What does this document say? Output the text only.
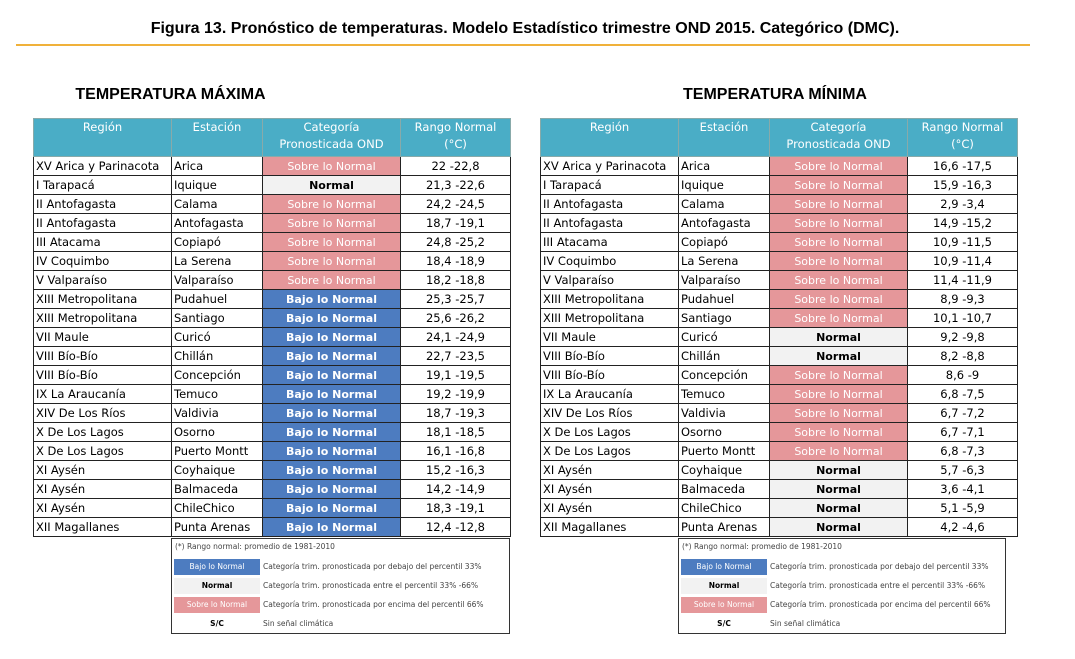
Figura 13. Pronóstico de temperaturas. Modelo Estadístico trimestre OND 2015. Categórico (DMC).
TEMPERATURA MÁXIMA
Región	Estación	Categoría
Pronosticada OND	Rango Normal
(°C)
XV Arica y Parinacota	Arica	Sobre lo Normal	22 -22,8
I Tarapacá	Iquique	Normal	21,3 -22,6
II Antofagasta	Calama	Sobre lo Normal	24,2 -24,5
II Antofagasta	Antofagasta	Sobre lo Normal	18,7 -19,1
III Atacama	Copiapó	Sobre lo Normal	24,8 -25,2
IV Coquimbo	La Serena	Sobre lo Normal	18,4 -18,9
V Valparaíso	Valparaíso	Sobre lo Normal	18,2 -18,8
XIII Metropolitana	Pudahuel	Bajo lo Normal	25,3 -25,7
XIII Metropolitana	Santiago	Bajo lo Normal	25,6 -26,2
VII Maule	Curicó	Bajo lo Normal	24,1 -24,9
VIII Bío-Bío	Chillán	Bajo lo Normal	22,7 -23,5
VIII Bío-Bío	Concepción	Bajo lo Normal	19,1 -19,5
IX La Araucanía	Temuco	Bajo lo Normal	19,2 -19,9
XIV De Los Ríos	Valdivia	Bajo lo Normal	18,7 -19,3
X De Los Lagos	Osorno	Bajo lo Normal	18,1 -18,5
X De Los Lagos	Puerto Montt	Bajo lo Normal	16,1 -16,8
XI Aysén	Coyhaique	Bajo lo Normal	15,2 -16,3
XI Aysén	Balmaceda	Bajo lo Normal	14,2 -14,9
XI Aysén	ChileChico	Bajo lo Normal	18,3 -19,1
XII Magallanes	Punta Arenas	Bajo lo Normal	12,4 -12,8
(*) Rango normal: promedio de 1981-2010
Bajo lo Normal	Categoría trim. pronosticada por debajo del percentil 33%
Normal	Categoría trim. pronosticada entre el percentil 33% -66%
Sobre lo Normal	Categoría trim. pronosticada por encima del percentil 66%
S/C	Sin señal climática
TEMPERATURA MÍNIMA
Región	Estación	Categoría
Pronosticada OND	Rango Normal
(°C)
XV Arica y Parinacota	Arica	Sobre lo Normal	16,6 -17,5
I Tarapacá	Iquique	Sobre lo Normal	15,9 -16,3
II Antofagasta	Calama	Sobre lo Normal	2,9 -3,4
II Antofagasta	Antofagasta	Sobre lo Normal	14,9 -15,2
III Atacama	Copiapó	Sobre lo Normal	10,9 -11,5
IV Coquimbo	La Serena	Sobre lo Normal	10,9 -11,4
V Valparaíso	Valparaíso	Sobre lo Normal	11,4 -11,9
XIII Metropolitana	Pudahuel	Sobre lo Normal	8,9 -9,3
XIII Metropolitana	Santiago	Sobre lo Normal	10,1 -10,7
VII Maule	Curicó	Normal	9,2 -9,8
VIII Bío-Bío	Chillán	Normal	8,2 -8,8
VIII Bío-Bío	Concepción	Sobre lo Normal	8,6 -9
IX La Araucanía	Temuco	Sobre lo Normal	6,8 -7,5
XIV De Los Ríos	Valdivia	Sobre lo Normal	6,7 -7,2
X De Los Lagos	Osorno	Sobre lo Normal	6,7 -7,1
X De Los Lagos	Puerto Montt	Sobre lo Normal	6,8 -7,3
XI Aysén	Coyhaique	Normal	5,7 -6,3
XI Aysén	Balmaceda	Normal	3,6 -4,1
XI Aysén	ChileChico	Normal	5,1 -5,9
XII Magallanes	Punta Arenas	Normal	4,2 -4,6
(*) Rango normal: promedio de 1981-2010
Bajo lo Normal	Categoría trim. pronosticada por debajo del percentil 33%
Normal	Categoría trim. pronosticada entre el percentil 33% -66%
Sobre lo Normal	Categoría trim. pronosticada por encima del percentil 66%
S/C	Sin señal climática
